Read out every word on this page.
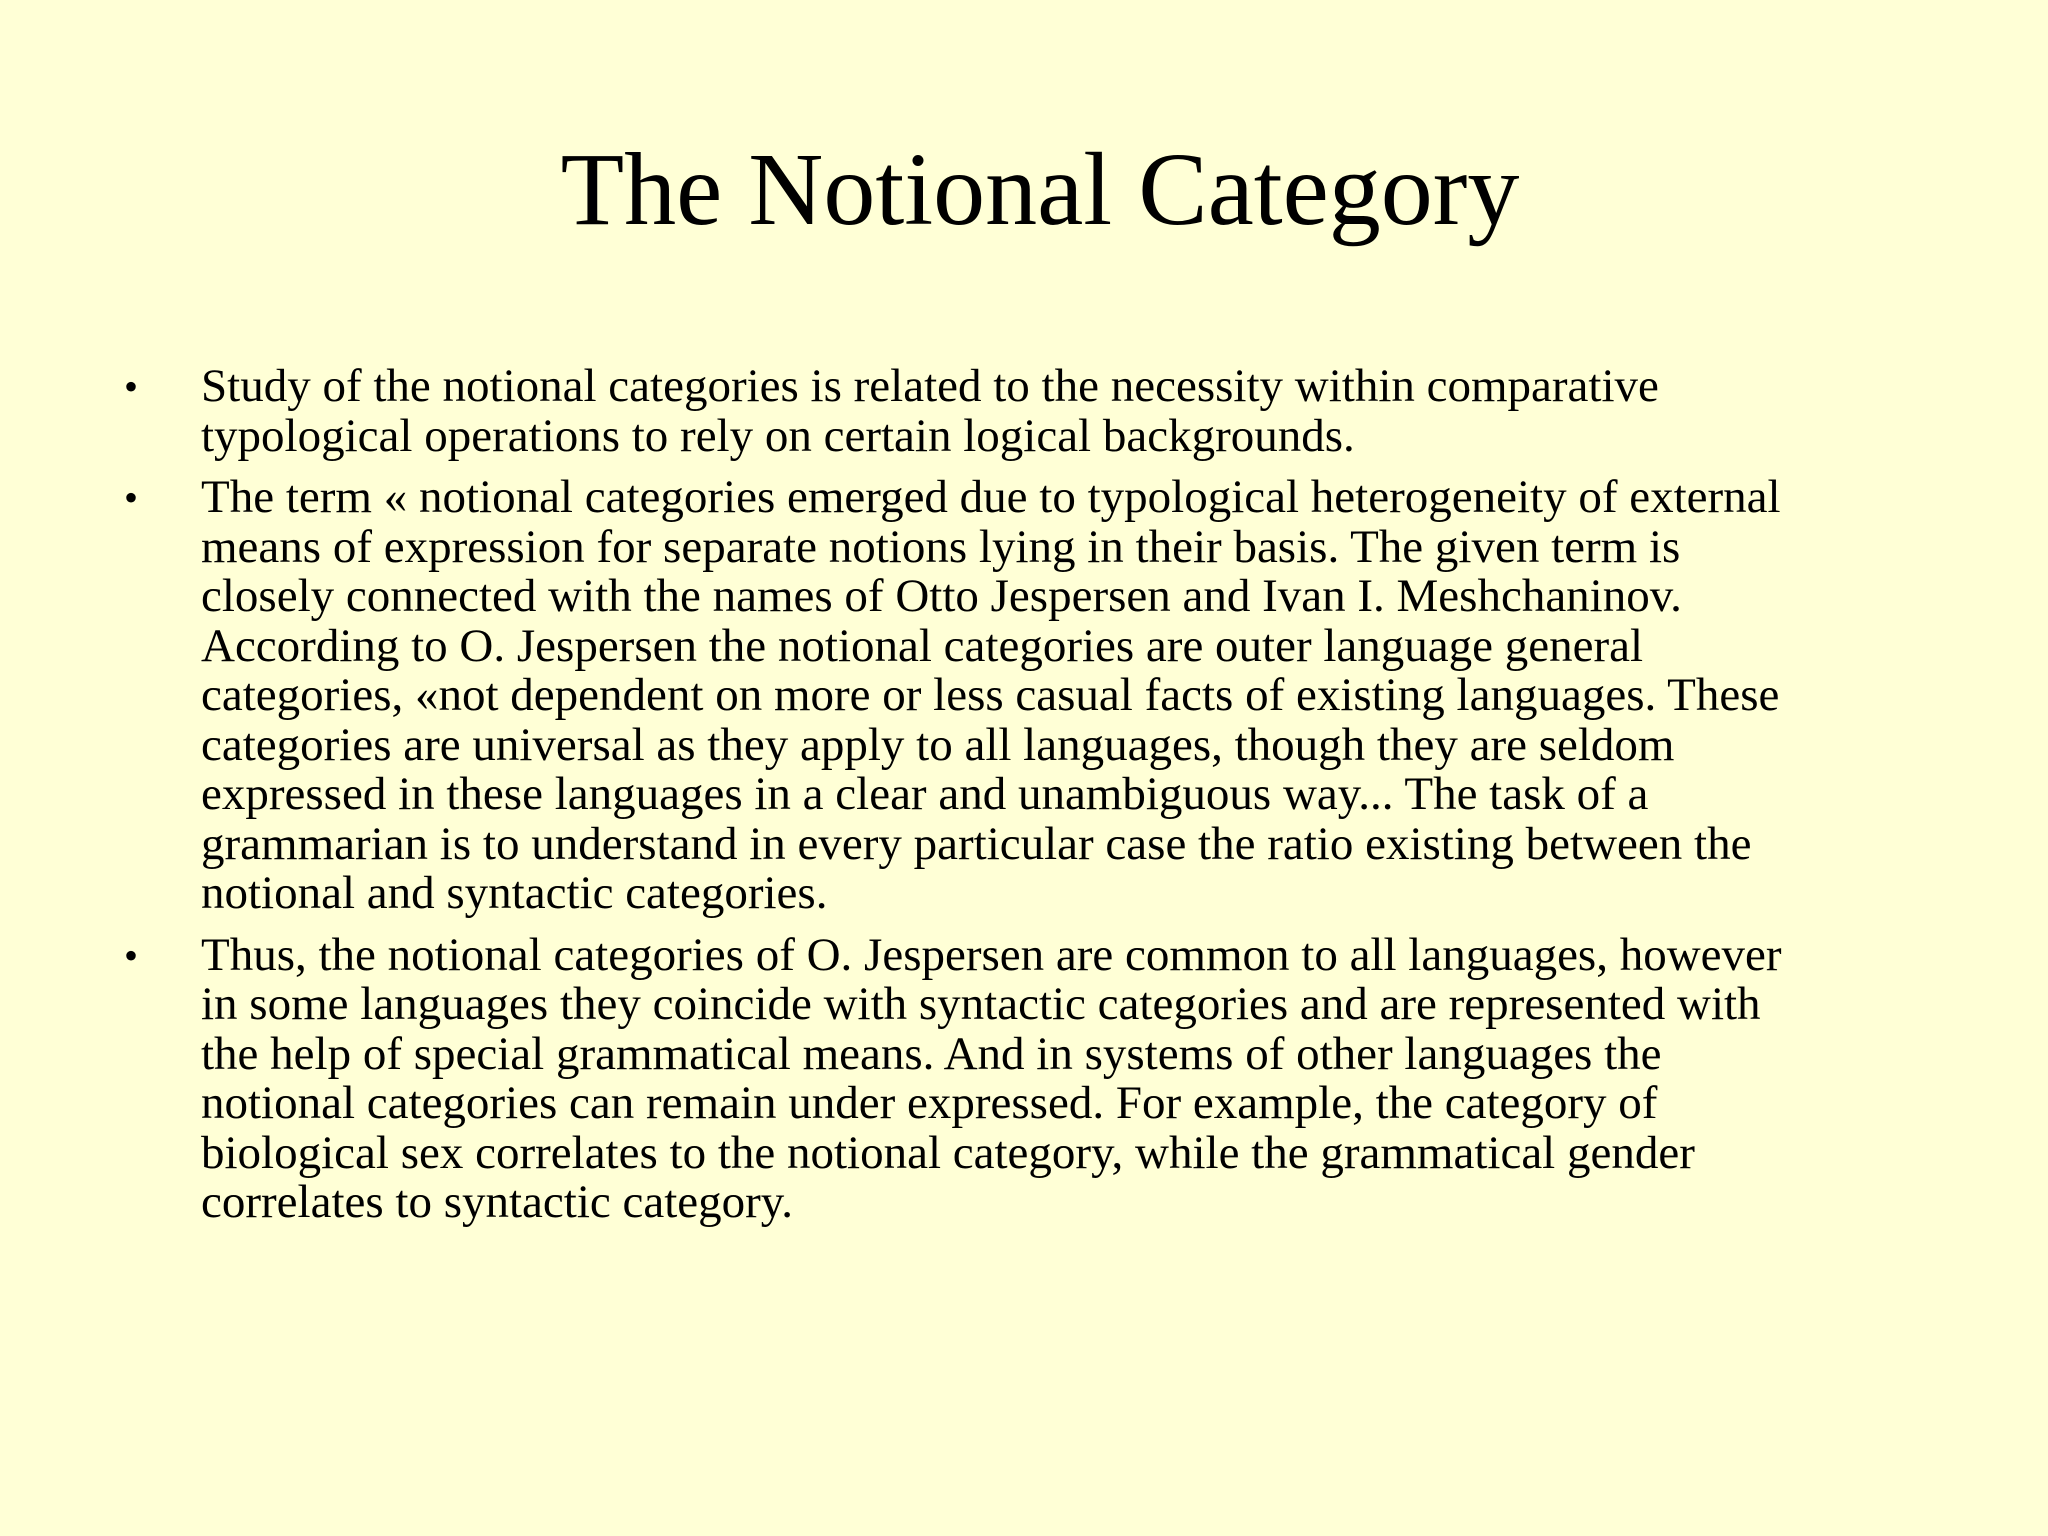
The Notional Category
• Study of the notional categories is related to the necessity within comparative
typological operations to rely on certain logical backgrounds.
• The term « notional categories emerged due to typological heterogeneity of external
means of expression for separate notions lying in their basis. The given term is
closely connected with the names of Otto Jespersen and Ivan I. Meshchaninov.
According to O. Jespersen the notional categories are outer language general
categories, «not dependent on more or less casual facts of existing languages. These
categories are universal as they apply to all languages, though they are seldom
expressed in these languages in a clear and unambiguous way... The task of a
grammarian is to understand in every particular case the ratio existing between the
notional and syntactic categories.
• Thus, the notional categories of O. Jespersen are common to all languages, however
in some languages they coincide with syntactic categories and are represented with
the help of special grammatical means. And in systems of other languages the
notional categories can remain under expressed. For example, the category of
biological sex correlates to the notional category, while the grammatical gender
correlates to syntactic category.
